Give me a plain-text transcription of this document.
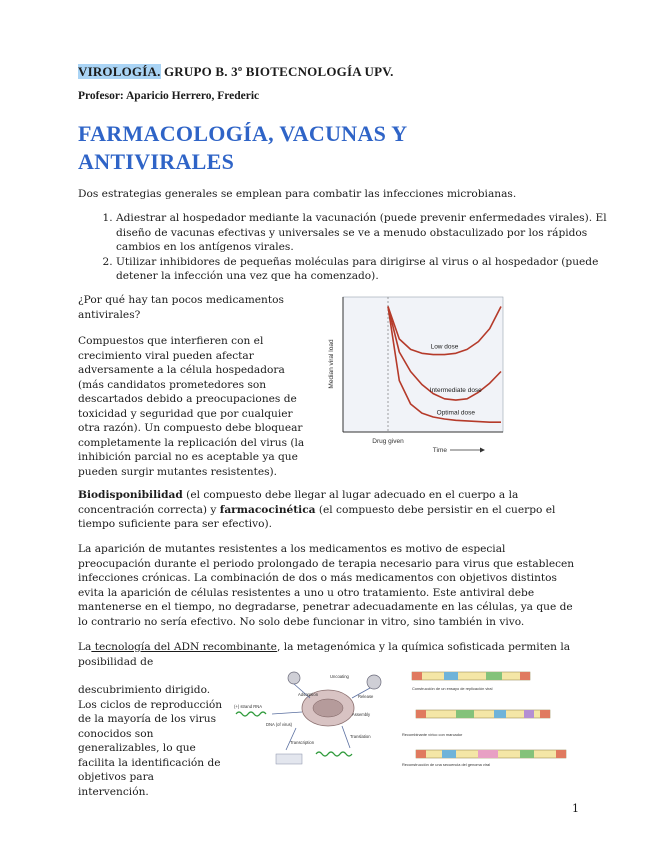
VIROLOGÍA. GRUPO B. 3º BIOTECNOLOGÍA UPV.
Profesor: Aparicio Herrero, Frederic
FARMACOLOGÍA, VACUNAS Y ANTIVIRALES

Dos estrategias generales se emplean para combatir las infecciones microbianas.

1. Adiestrar al hospedador mediante la vacunación (puede prevenir enfermedades virales). El diseño de vacunas efectivas y universales se ve a menudo obstaculizado por los rápidos cambios en los antígenos virales.
2. Utilizar inhibidores de pequeñas moléculas para dirigirse al virus o al hospedador (puede detener la infección una vez que ha comenzado).

¿Por qué hay tan pocos medicamentos antivirales?

Compuestos que interfieren con el crecimiento viral pueden afectar adversamente a la célula hospedadora (más candidatos prometedores son descartados debido a preocupaciones de toxicidad y seguridad que por cualquier otra razón). Un compuesto debe bloquear completamente la replicación del virus (la inhibición parcial no es aceptable ya que pueden surgir mutantes resistentes).

Low dose
Intermediate dose
Optimal dose
Median viral load
Drug given
Time

Biodisponibilidad (el compuesto debe llegar al lugar adecuado en el cuerpo a la concentración correcta) y farmacocinética (el compuesto debe persistir en el cuerpo el tiempo suficiente para ser efectivo).

La aparición de mutantes resistentes a los medicamentos es motivo de especial preocupación durante el periodo prolongado de terapia necesario para virus que establecen infecciones crónicas. La combinación de dos o más medicamentos con objetivos distintos evita la aparición de células resistentes a uno u otro tratamiento. Este antiviral debe mantenerse en el tiempo, no degradarse, penetrar adecuadamente en las células, ya que de lo contrario no sería efectivo. No solo debe funcionar in vitro, sino también in vivo.

La tecnología del ADN recombinante, la metagenómica y la química sofisticada permiten la posibilidad de

descubrimiento dirigido. Los ciclos de reproducción de la mayoría de los virus conocidos son generalizables, lo que facilita la identificación de objetivos para intervención.

Adsorption
Uncoating
(+) strand RNA
DNA (of virus)
Transcription
Translation
Assembly
Release
Construcción de un ensayo de replicación viral
Recombinante vírico con marcador
Reconstrucción de una secuencia del genoma viral
1
